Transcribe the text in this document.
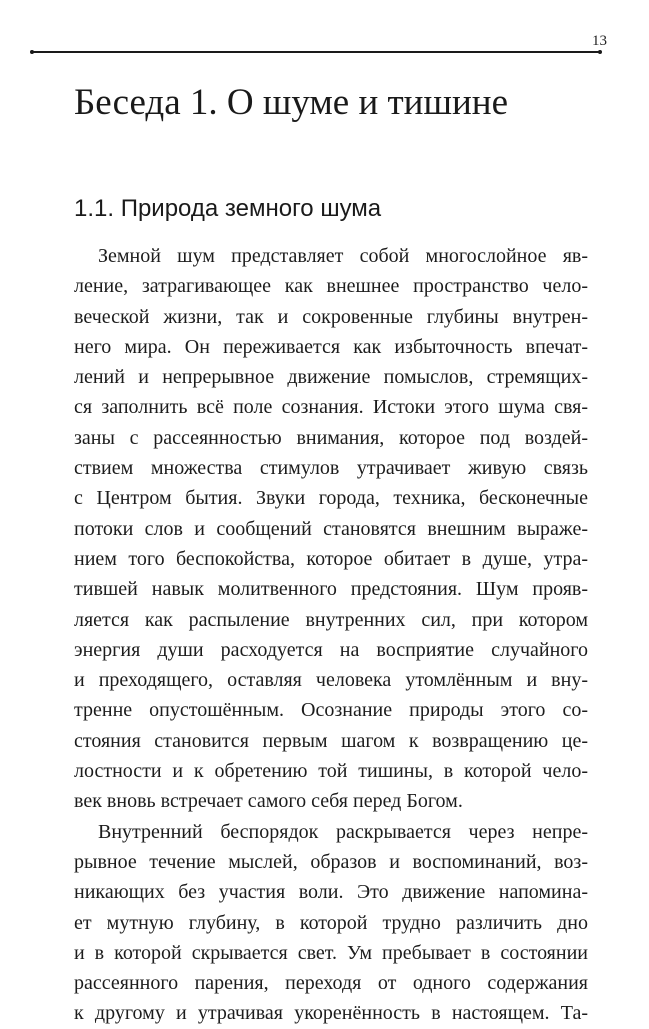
13
Беседа 1. О шуме и тишине
1.1. Природа земного шума
Земной шум представляет собой многослойное яв-
ление, затрагивающее как внешнее пространство чело-
веческой жизни, так и сокровенные глубины внутрен-
него мира. Он переживается как избыточность впечат-
лений и непрерывное движение помыслов, стремящих-
ся заполнить всё поле сознания. Истоки этого шума свя-
заны с рассеянностью внимания, которое под воздей-
ствием множества стимулов утрачивает живую связь
с Центром бытия. Звуки города, техника, бесконечные
потоки слов и сообщений становятся внешним выраже-
нием того беспокойства, которое обитает в душе, утра-
тившей навык молитвенного предстояния. Шум прояв-
ляется как распыление внутренних сил, при котором
энергия души расходуется на восприятие случайного
и преходящего, оставляя человека утомлённым и вну-
тренне опустошённым. Осознание природы этого со-
стояния становится первым шагом к возвращению це-
лостности и к обретению той тишины, в которой чело-
век вновь встречает самого себя перед Богом.
Внутренний беспорядок раскрывается через непре-
рывное течение мыслей, образов и воспоминаний, воз-
никающих без участия воли. Это движение напомина-
ет мутную глубину, в которой трудно различить дно
и в которой скрывается свет. Ум пребывает в состоянии
рассеянного парения, переходя от одного содержания
к другому и утрачивая укоренённость в настоящем. Та-
